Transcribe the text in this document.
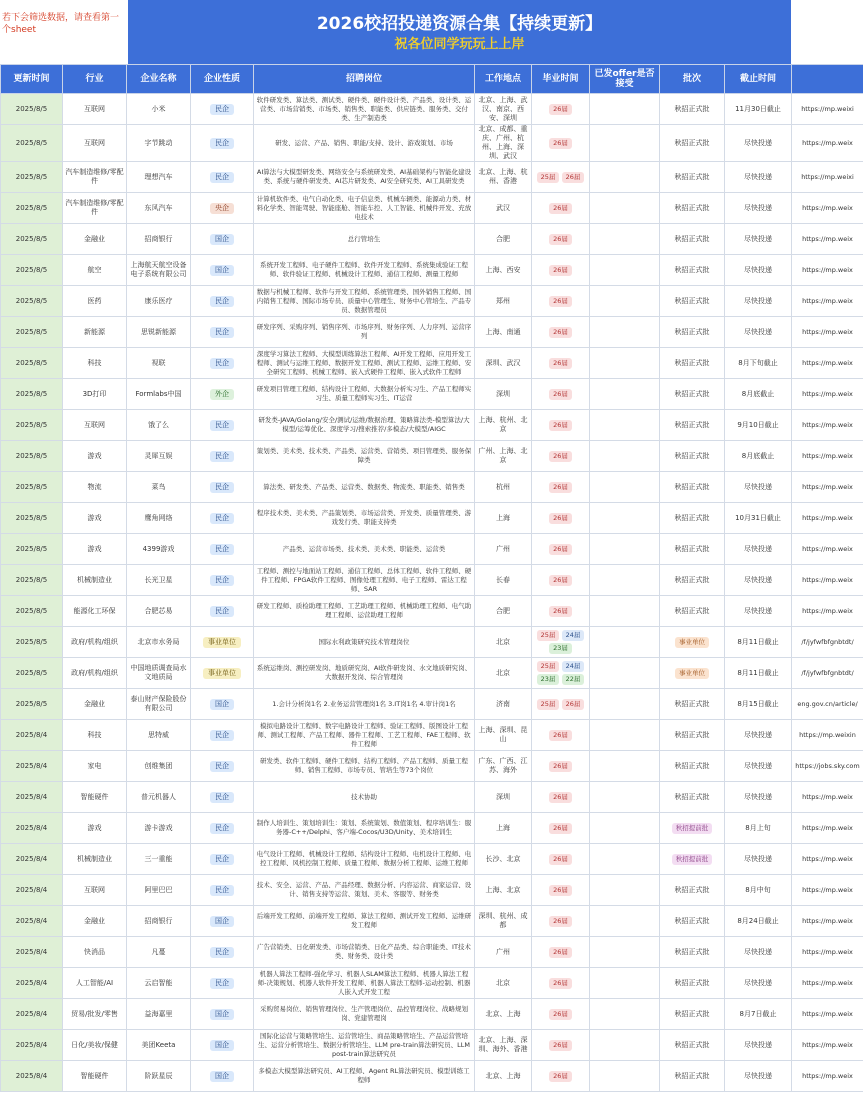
若下会筛选数据，请查看第一个sheet	2026校招投递资源合集【持续更新】
祝各位同学玩玩上上岸
更新时间	行业	企业名称	企业性质	招聘岗位	工作地点	毕业时间	已发offer是否接受	批次	截止时间	
2025/8/5	互联网	小米	民企	软件研发类、算法类、测试类、硬件类、硬件设计类、产品类、设计类、运营类、市场营销类、市场类、销售类、职能类、供应链类、服务类、交付类、生产制造类	北京、上海、武汉、南京、西安、深圳	26届		秋招正式批	11月30日截止	https://mp.weixi
2025/8/5	互联网	字节跳动	民企	研发、运营、产品、销售、职能/支持、设计、游戏策划、市场	北京、成都、重庆、广州、杭州、上海、深圳、武汉	26届		秋招正式批	尽快投递	https://mp.weix
2025/8/5	汽车制造维修/零配件	理想汽车	民企	AI算法与大模型研发类、网络安全与系统研发类、AI基础架构与智能化建设类、系统与硬件研发类、AI芯片研发类、AI安全研究类、AI工具研发类	北京、上海、杭州、香港	25届 26届		秋招正式批	尽快投递	https://mp.weixi
2025/8/5	汽车制造维修/零配件	东风汽车	央企	计算机软件类、电气自动化类、电子信息类、机械车辆类、能源动力类、材料化学类、智能驾驶、智能座舱、智能车控、人工智能、机械件开发、充放电技术	武汉	26届		秋招正式批	尽快投递	https://mp.weix
2025/8/5	金融业	招商银行	国企	总行管培生	合肥	26届		秋招正式批	尽快投递	https://mp.weix
2025/8/5	航空	上海航天航空设备电子系统有限公司	国企	系统开发工程师、电子硬件工程师、软件开发工程师、系统集成验证工程师、软件验证工程师、机械设计工程师、通信工程师、测量工程师	上海、西安	26届		秋招正式批	尽快投递	https://mp.weix
2025/8/5	医药	康乐医疗	民企	数据与机械工程师、软件与开发工程师、系统管理类、国外销售工程师、国内销售工程师、国际市场专员、质量中心管理生、财务中心管培生、产品专员、数据管理员	郑州	26届		秋招正式批	尽快投递	https://mp.weix
2025/8/5	新能源	思锐新能源	民企	研发序列、采购序列、销售序列、市场序列、财务序列、人力序列、运营序列	上海、南通	26届		秋招正式批	尽快投递	https://mp.weix
2025/8/5	科技	视联	民企	深度学习算法工程师、大模型训练算法工程师、AI开发工程师、应用开发工程师、测试与运维工程师、数据开发工程师、测试工程师、运维工程师、安全研究工程师、机械工程师、嵌入式硬件工程师、嵌入式软件工程师	深圳、武汉	26届		秋招正式批	8月下旬截止	https://mp.weix
2025/8/5	3D打印	Formlabs中国	外企	研发项目管理工程师、结构设计工程师、大数据分析实习生、产品工程师实习生、质量工程师实习生、IT运营	深圳	26届		秋招正式批	8月底截止	https://mp.weix
2025/8/5	互联网	饿了么	民企	研发类-JAVA/Golang/安全/测试/运维/数据治理、策略算法类-模型算法/大模型/运筹优化、深度学习/搜索推荐/多模态/大模型/AIGC	上海、杭州、北京	26届		秋招正式批	9月10日截止	https://mp.weix
2025/8/5	游戏	灵犀互娱	民企	策划类、美术类、技术类、产品类、运营类、营销类、项目管理类、服务保障类	广州、上海、北京	26届		秋招正式批	8月底截止	https://mp.weix
2025/8/5	物流	菜鸟	民企	算法类、研发类、产品类、运营类、数据类、物流类、职能类、销售类	杭州	26届		秋招正式批	尽快投递	https://mp.weix
2025/8/5	游戏	鹰角网络	民企	程序技术类、美术类、产品策划类、市场运营类、开发类、质量管理类、游戏发行类、职能支持类	上海	26届		秋招正式批	10月31日截止	https://mp.weix
2025/8/5	游戏	4399游戏	民企	产品类、运营市场类、技术类、美术类、职能类、运营类	广州	26届		秋招正式批	尽快投递	https://mp.weix
2025/8/5	机械制造业	长光卫星	民企	工程师、测控与地面站工程师、通信工程师、总体工程师、软件工程师、硬件工程师、FPGA软件工程师、图像处理工程师、电子工程师、雷达工程师、SAR	长春	26届		秋招正式批	尽快投递	https://mp.weix
2025/8/5	能源化工环保	合肥芯易	民企	研发工程师、质检助理工程师、工艺助理工程师、机械助理工程师、电气助理工程师、运营助理工程师	合肥	26届		秋招正式批	尽快投递	https://mp.weix
2025/8/5	政府/机构/组织	北京市水务局	事业单位	国际水利政策研究技术管理岗位	北京	25届 24届 23届		事业单位	8月11日截止	/f/jyfwfbfgnbtdt/
2025/8/5	政府/机构/组织	中国地质调查局水文地质局	事业单位	系统运维岗、测控研发岗、地质研究岗、AI软件研发岗、水文地质研究岗、大数据开发岗、综合管理岗	北京	25届 24届 23届 22届		事业单位	8月11日截止	/f/jyfwfbfgnbtdt/
2025/8/5	金融业	泰山财产保险股份有限公司	国企	1.会计分析岗1名 2.业务运营管理岗1名 3.IT岗1名 4.审计岗1名	济南	25届 26届		秋招正式批	8月15日截止	eng.gov.cn/article/
2025/8/4	科技	思特威	民企	模拟电路设计工程师、数字电路设计工程师、验证工程师、版图设计工程师、测试工程师、产品工程师、器件工程师、工艺工程师、FAE工程师、软件工程师	上海、深圳、昆山	26届		秋招正式批	尽快投递	https://mp.weixin
2025/8/4	家电	创维集团	民企	研发类、软件工程师、硬件工程师、结构工程师、产品工程师、质量工程师、销售工程师、市场专员、管培生等73个岗位	广东、广西、江苏、海外	26届		秋招正式批	尽快投递	https://jobs.sky.com
2025/8/4	智能硬件	普元机器人	民企	技术协助	深圳	26届		秋招正式批	尽快投递	https://mp.weix
2025/8/4	游戏	游卡游戏	民企	制作人培训生、策划培训生：策划、系统策划、数值策划、程序培训生：服务器-C++/Delphi、客户端-Cocos/U3D/Unity、美术培训生	上海	26届		秋招提前批	8月上旬	https://mp.weix
2025/8/4	机械制造业	三一重能	民企	电气设计工程师、机械设计工程师、结构设计工程师、电机设计工程师、电控工程师、风机控制工程师、质量工程师、数据分析工程师、运维工程师	长沙、北京	26届		秋招提前批	尽快投递	https://mp.weix
2025/8/4	互联网	阿里巴巴	民企	技术、安全、运营、产品、产品经理、数据分析、内容运营、商家运营、设计、销售支持等运营、策划、美术、客服等、财务类	上海、北京	26届		秋招正式批	8月中旬	https://mp.weix
2025/8/4	金融业	招商银行	国企	后端开发工程师、前端开发工程师、算法工程师、测试开发工程师、运维研发工程师	深圳、杭州、成都	26届		秋招正式批	8月24日截止	https://mp.weix
2025/8/4	快消品	凡蔓	民企	广告营销类、日化研发类、市场营销类、日化产品类、综合职能类、IT技术类、财务类、设计类	广州	26届		秋招正式批	尽快投递	https://mp.weix
2025/8/4	人工智能/AI	云启智能	民企	机器人算法工程师-强化学习、机器人SLAM算法工程师、机器人算法工程师-决策规划、机器人软件开发工程师、机器人算法工程师-运动控制、机器人嵌入式开发工程	北京	26届		秋招正式批	尽快投递	https://mp.weix
2025/8/4	贸易/批发/零售	益海嘉里	国企	采购贸易岗位、销售管理岗位、生产管理岗位、品控管理岗位、战略规划岗、党建管理岗	北京、上海	26届		秋招正式批	8月7日截止	https://mp.weix
2025/8/4	日化/美妆/保健	美团Keeta	国企	国际化运营与策略管培生、运营管培生、商品策略管培生、产品运营管培生、运营分析管培生、数据分析管培生、LLM pre-train算法研究员、LLM post-train算法研究员	北京、上海、深圳、海外、香港	26届		秋招正式批	尽快投递	https://mp.weix
2025/8/4	智能硬件	阶跃星辰	国企	多模态大模型算法研究员、AI工程师、Agent RL算法研究员、模型训练工程师	北京、上海	26届		秋招正式批	尽快投递	https://mp.weix
